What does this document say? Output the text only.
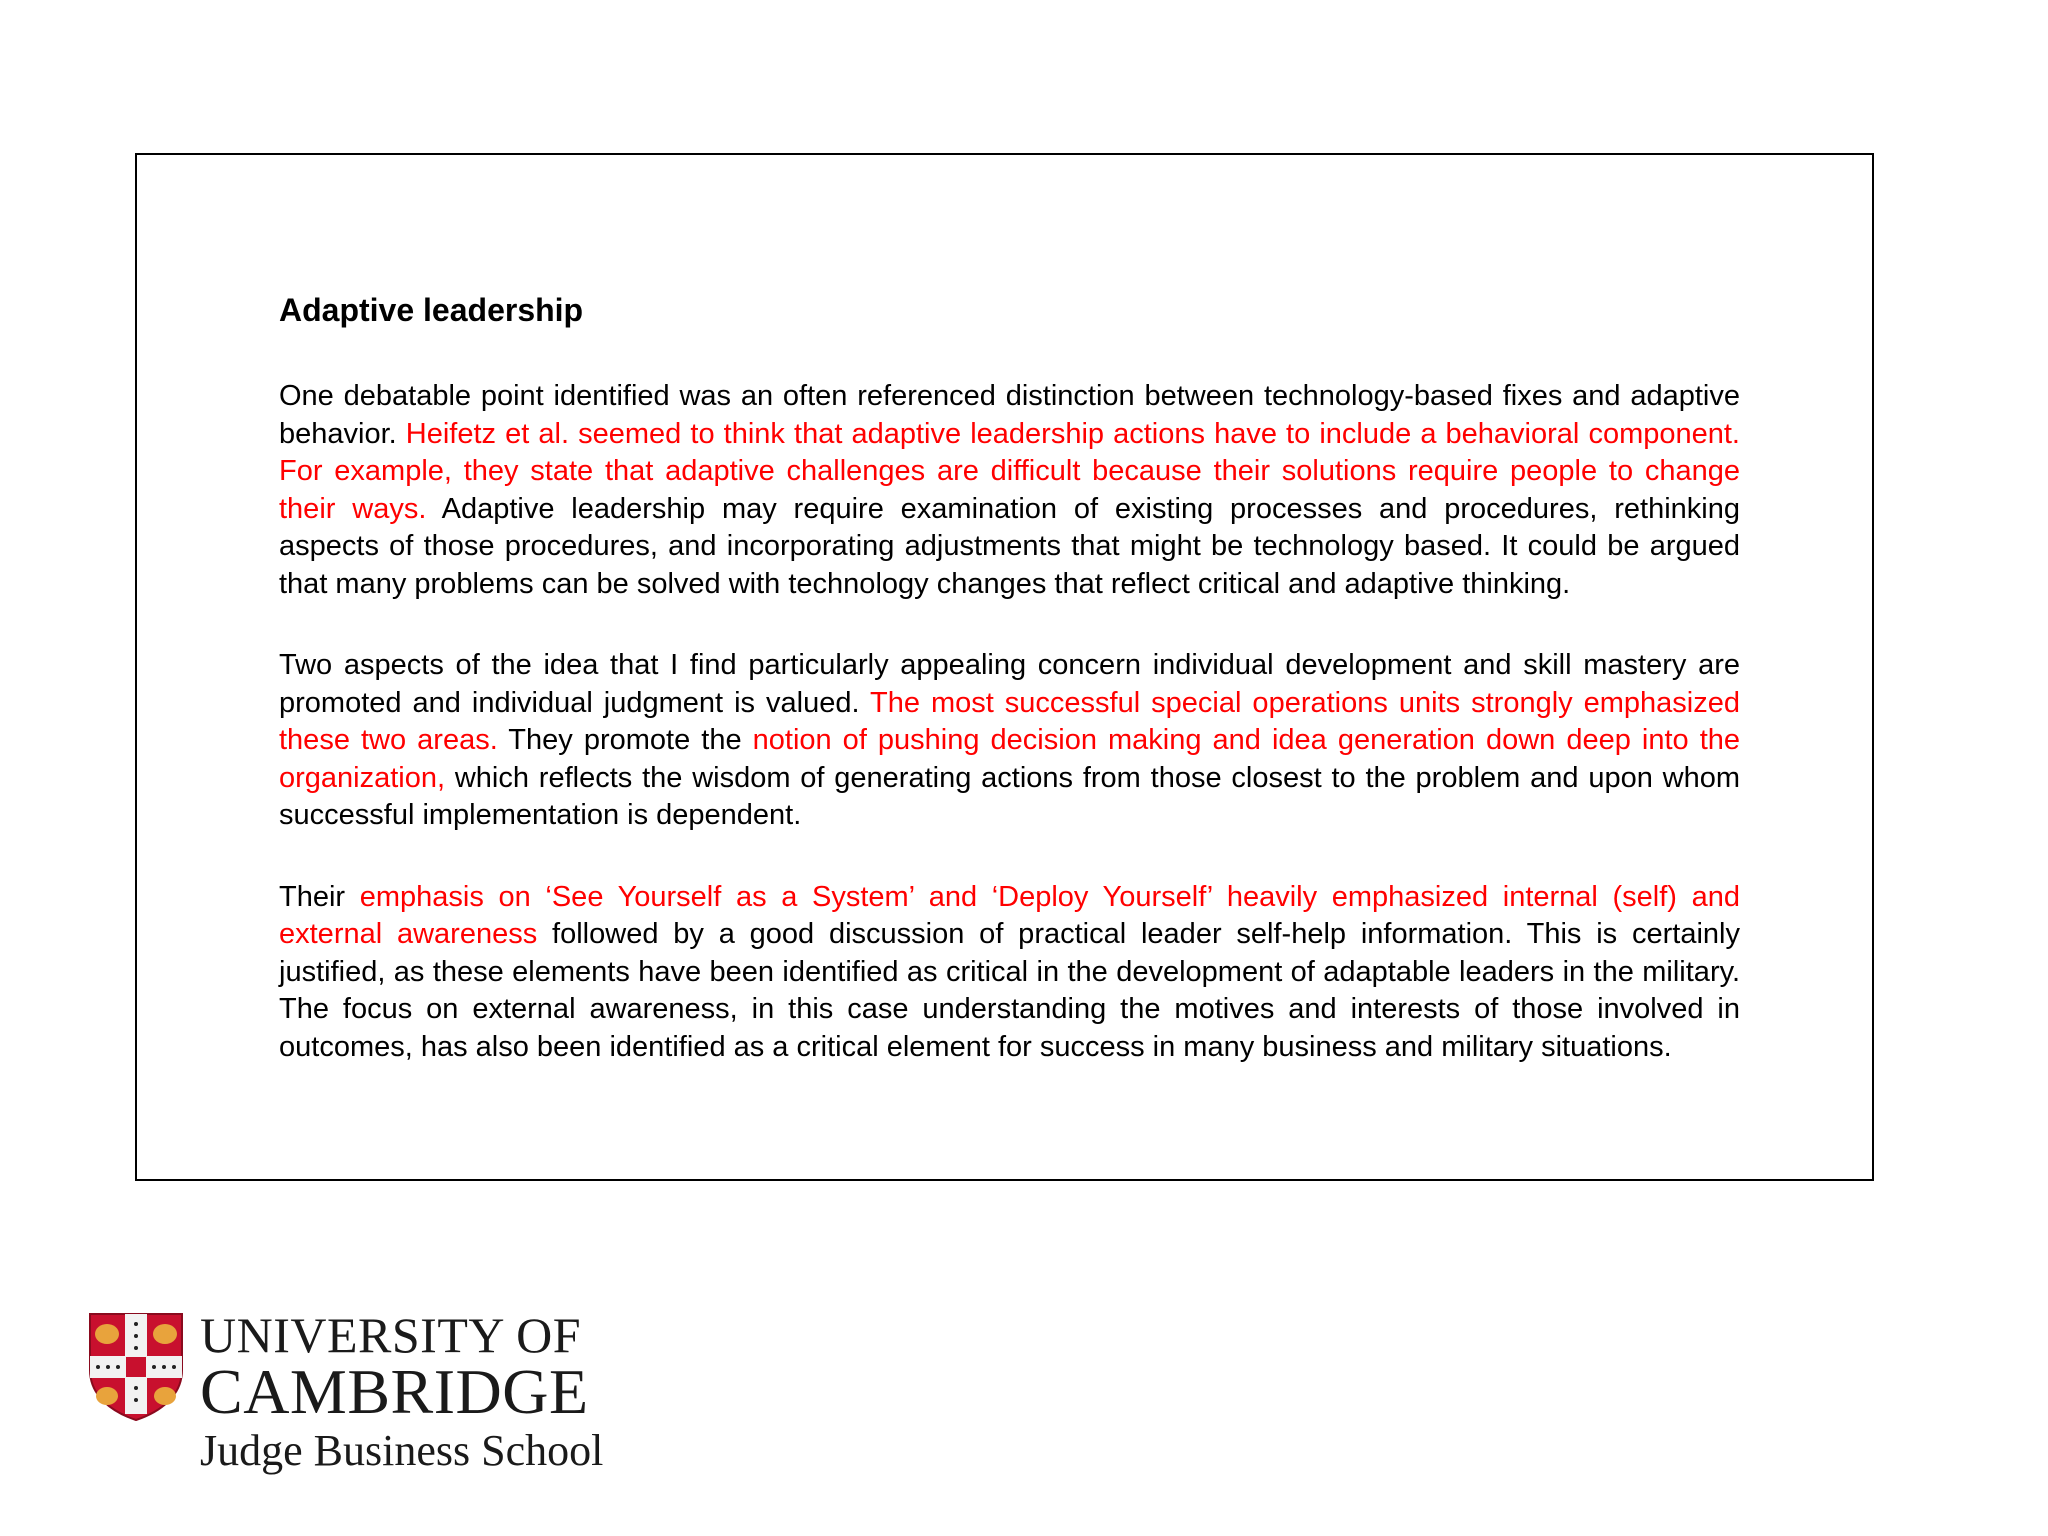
Adaptive leadership

One debatable point identified was an often referenced distinction between technology-based fixes and adaptive behavior. Heifetz et al. seemed to think that adaptive leadership actions have to include a behavioral component. For example, they state that adaptive challenges are difficult because their solutions require people to change their ways. Adaptive leadership may require examination of existing processes and procedures, rethinking aspects of those procedures, and incorporating adjustments that might be technology based. It could be argued that many problems can be solved with technology changes that reflect critical and adaptive thinking.

Two aspects of the idea that I find particularly appealing concern individual development and skill mastery are promoted and individual judgment is valued. The most successful special operations units strongly emphasized these two areas. They promote the notion of pushing decision making and idea generation down deep into the organization, which reflects the wisdom of generating actions from those closest to the problem and upon whom successful implementation is dependent.

Their emphasis on ‘See Yourself as a System’ and ‘Deploy Yourself’ heavily emphasized internal (self) and external awareness followed by a good discussion of practical leader self-help information. This is certainly justified, as these elements have been identified as critical in the development of adaptable leaders in the military. The focus on external awareness, in this case understanding the motives and interests of those involved in outcomes, has also been identified as a critical element for success in many business and military situations.

UNIVERSITY OF
CAMBRIDGE
Judge Business School
